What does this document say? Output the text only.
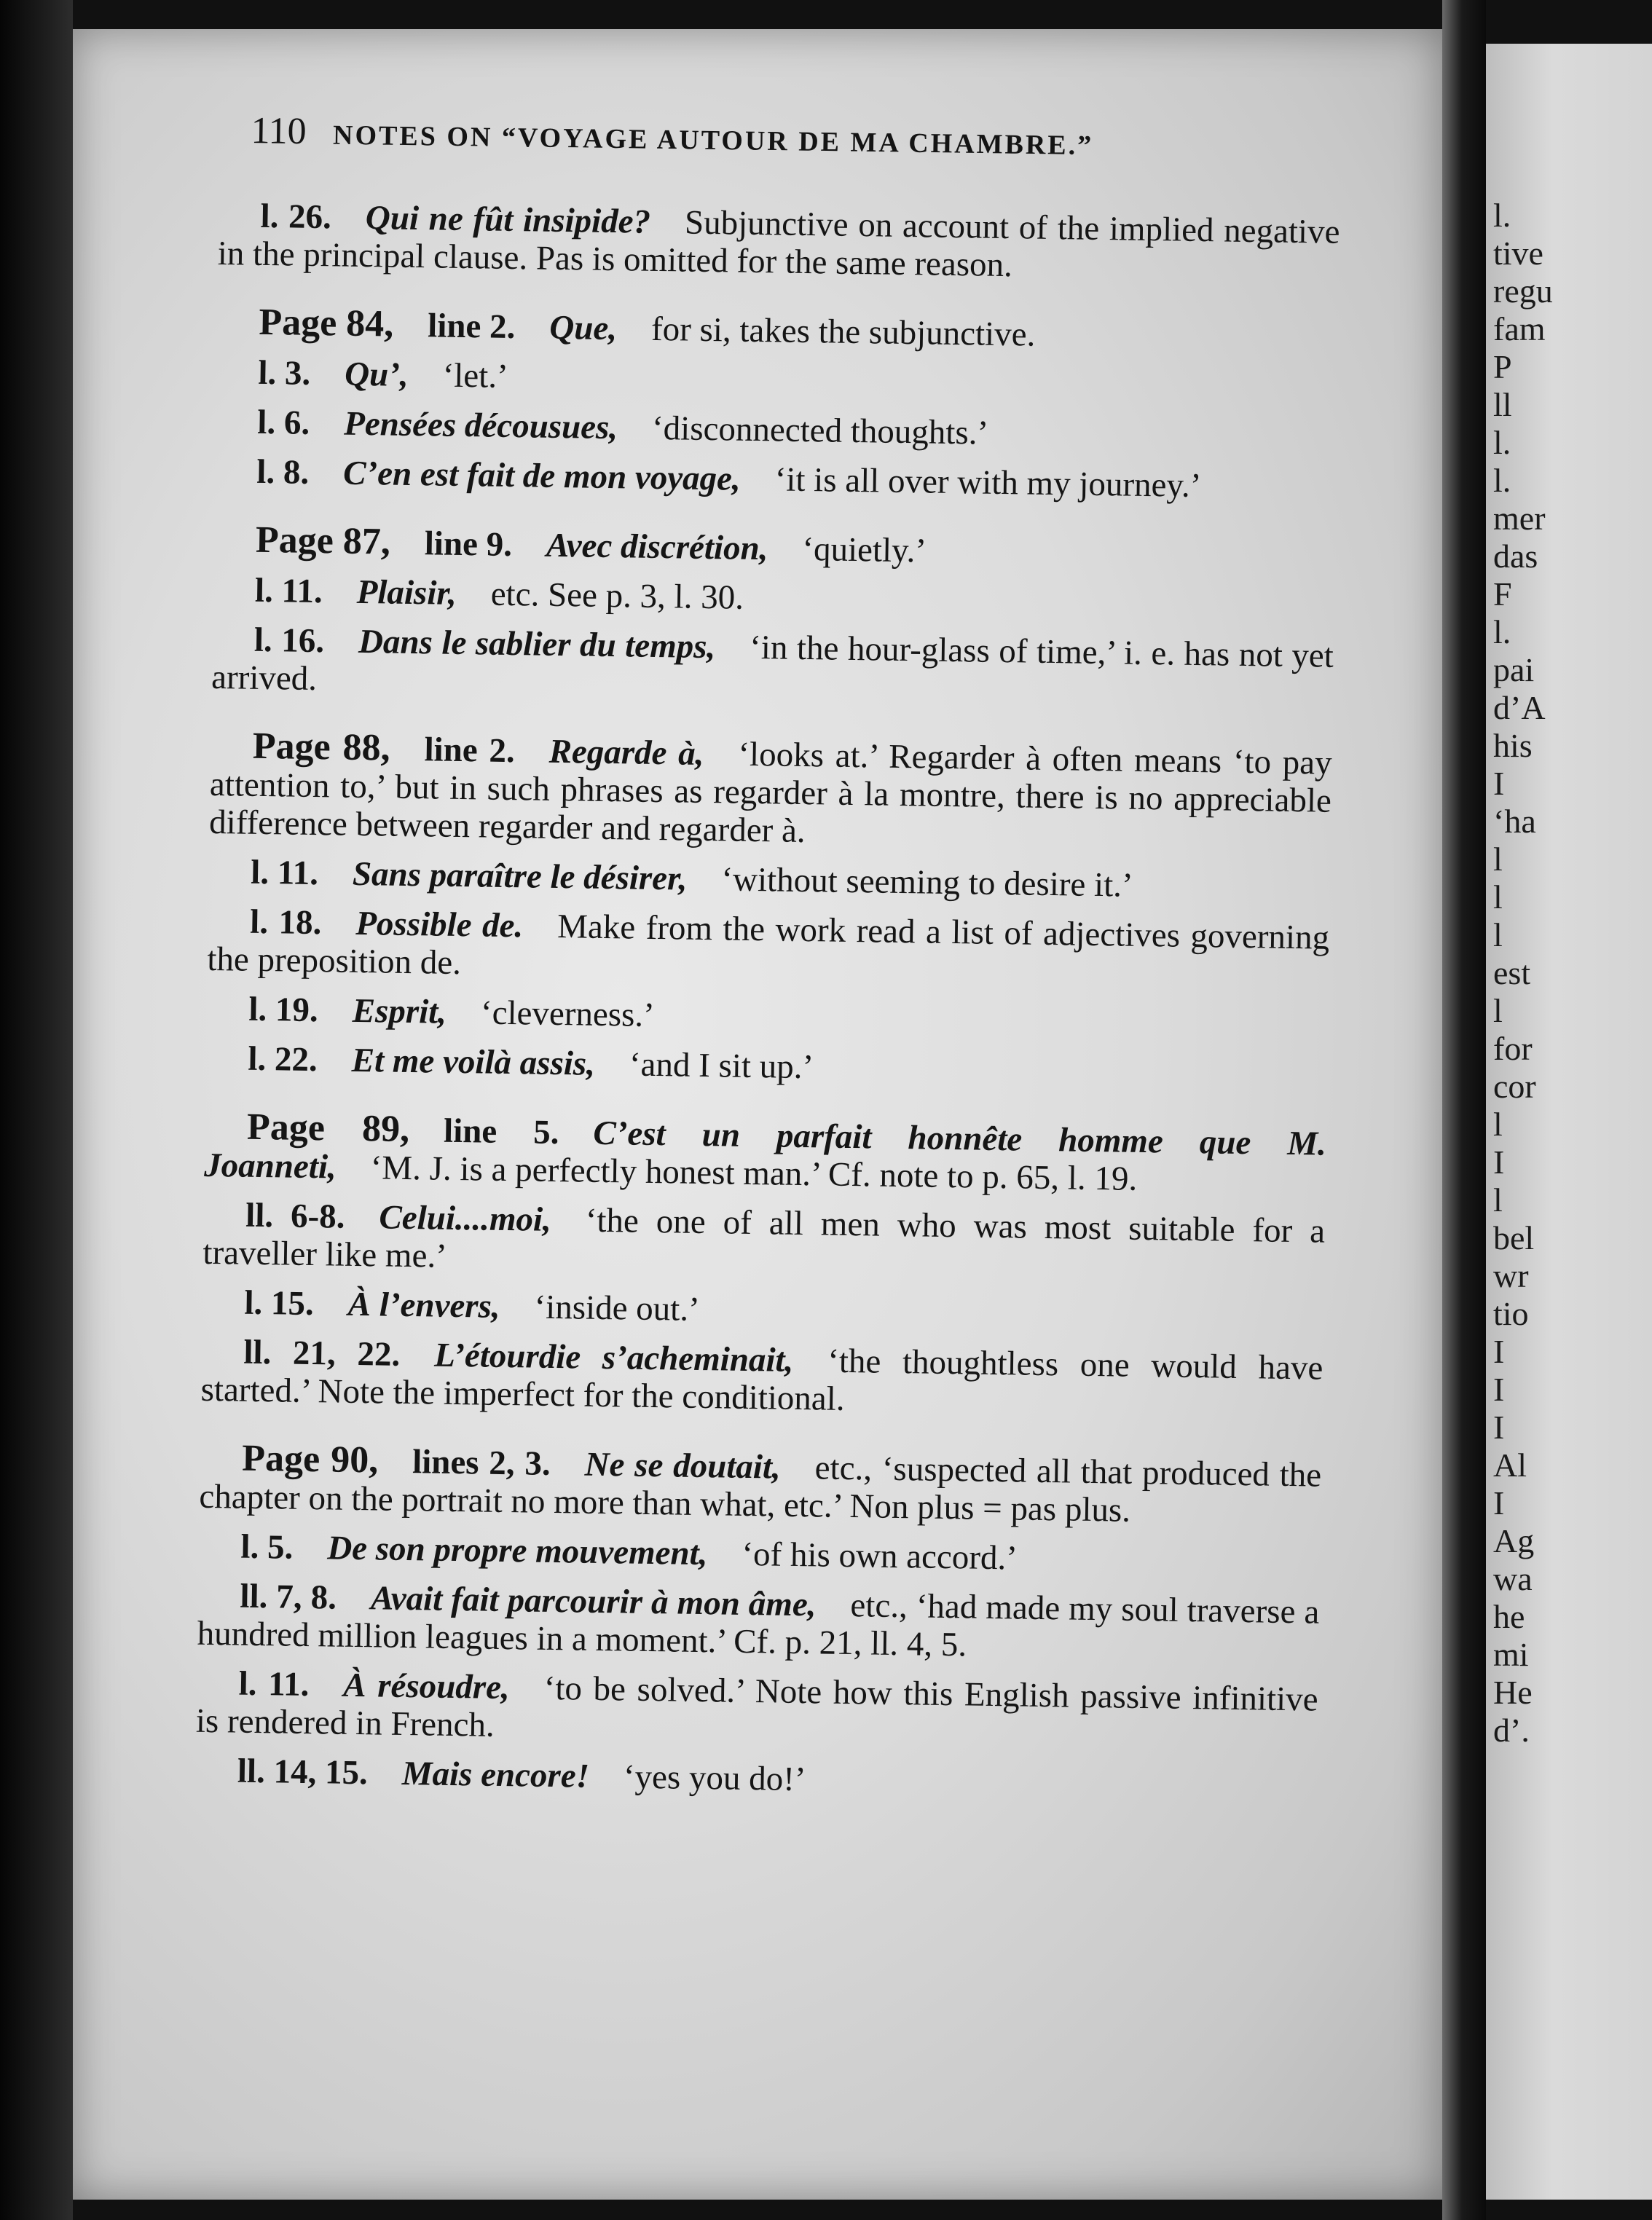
110 NOTES ON “VOYAGE AUTOUR DE MA CHAMBRE.”

l. 26.  Qui ne fût insipide?  Subjunctive on account of the implied negative in the principal clause. Pas is omitted for the same reason.

Page 84,  line 2.  Que,  for si, takes the subjunctive.

l. 3.  Qu’,  ‘let.’

l. 6.  Pensées décousues,  ‘disconnected thoughts.’

l. 8.  C’en est fait de mon voyage,  ‘it is all over with my journey.’

Page 87,  line 9.  Avec discrétion,  ‘quietly.’

l. 11.  Plaisir,  etc. See p. 3, l. 30.

l. 16.  Dans le sablier du temps,  ‘in the hour-glass of time,’ i. e. has not yet arrived.

Page 88,  line 2.  Regarde à,  ‘looks at.’ Regarder à often means ‘to pay attention to,’ but in such phrases as regarder à la montre, there is no appreciable difference between regarder and regarder à.

l. 11.  Sans paraître le désirer,  ‘without seeming to desire it.’

l. 18.  Possible de.  Make from the work read a list of adjectives governing the preposition de.

l. 19.  Esprit,  ‘cleverness.’

l. 22.  Et me voilà assis,  ‘and I sit up.’

Page 89,  line 5.  C’est un parfait honnête homme que M. Joanneti,  ‘M. J. is a perfectly honest man.’ Cf. note to p. 65, l. 19.

ll. 6-8.  Celui....moi,  ‘the one of all men who was most suitable for a traveller like me.’

l. 15.  À l’envers,  ‘inside out.’

ll. 21, 22.  L’étourdie s’acheminait,  ‘the thoughtless one would have started.’ Note the imperfect for the conditional.

Page 90,  lines 2, 3.  Ne se doutait,  etc., ‘suspected all that produced the chapter on the portrait no more than what, etc.’ Non plus = pas plus.

l. 5.  De son propre mouvement,  ‘of his own accord.’

ll. 7, 8.  Avait fait parcourir à mon âme,  etc., ‘had made my soul traverse a hundred million leagues in a moment.’ Cf. p. 21, ll. 4, 5.

l. 11.  À résoudre,  ‘to be solved.’ Note how this English passive infinitive is rendered in French.

ll. 14, 15.  Mais encore!  ‘yes you do!’

l.
tive
regu
fam
P
ll
l.
l.
mer
das
F
l.
pai
d’A
his
I
‘ha
l
l
l
est
l
for
cor
l
I
l
bel
wr
tio
I
I
I
Al
I
Ag
wa
he
mi
He
d’.
